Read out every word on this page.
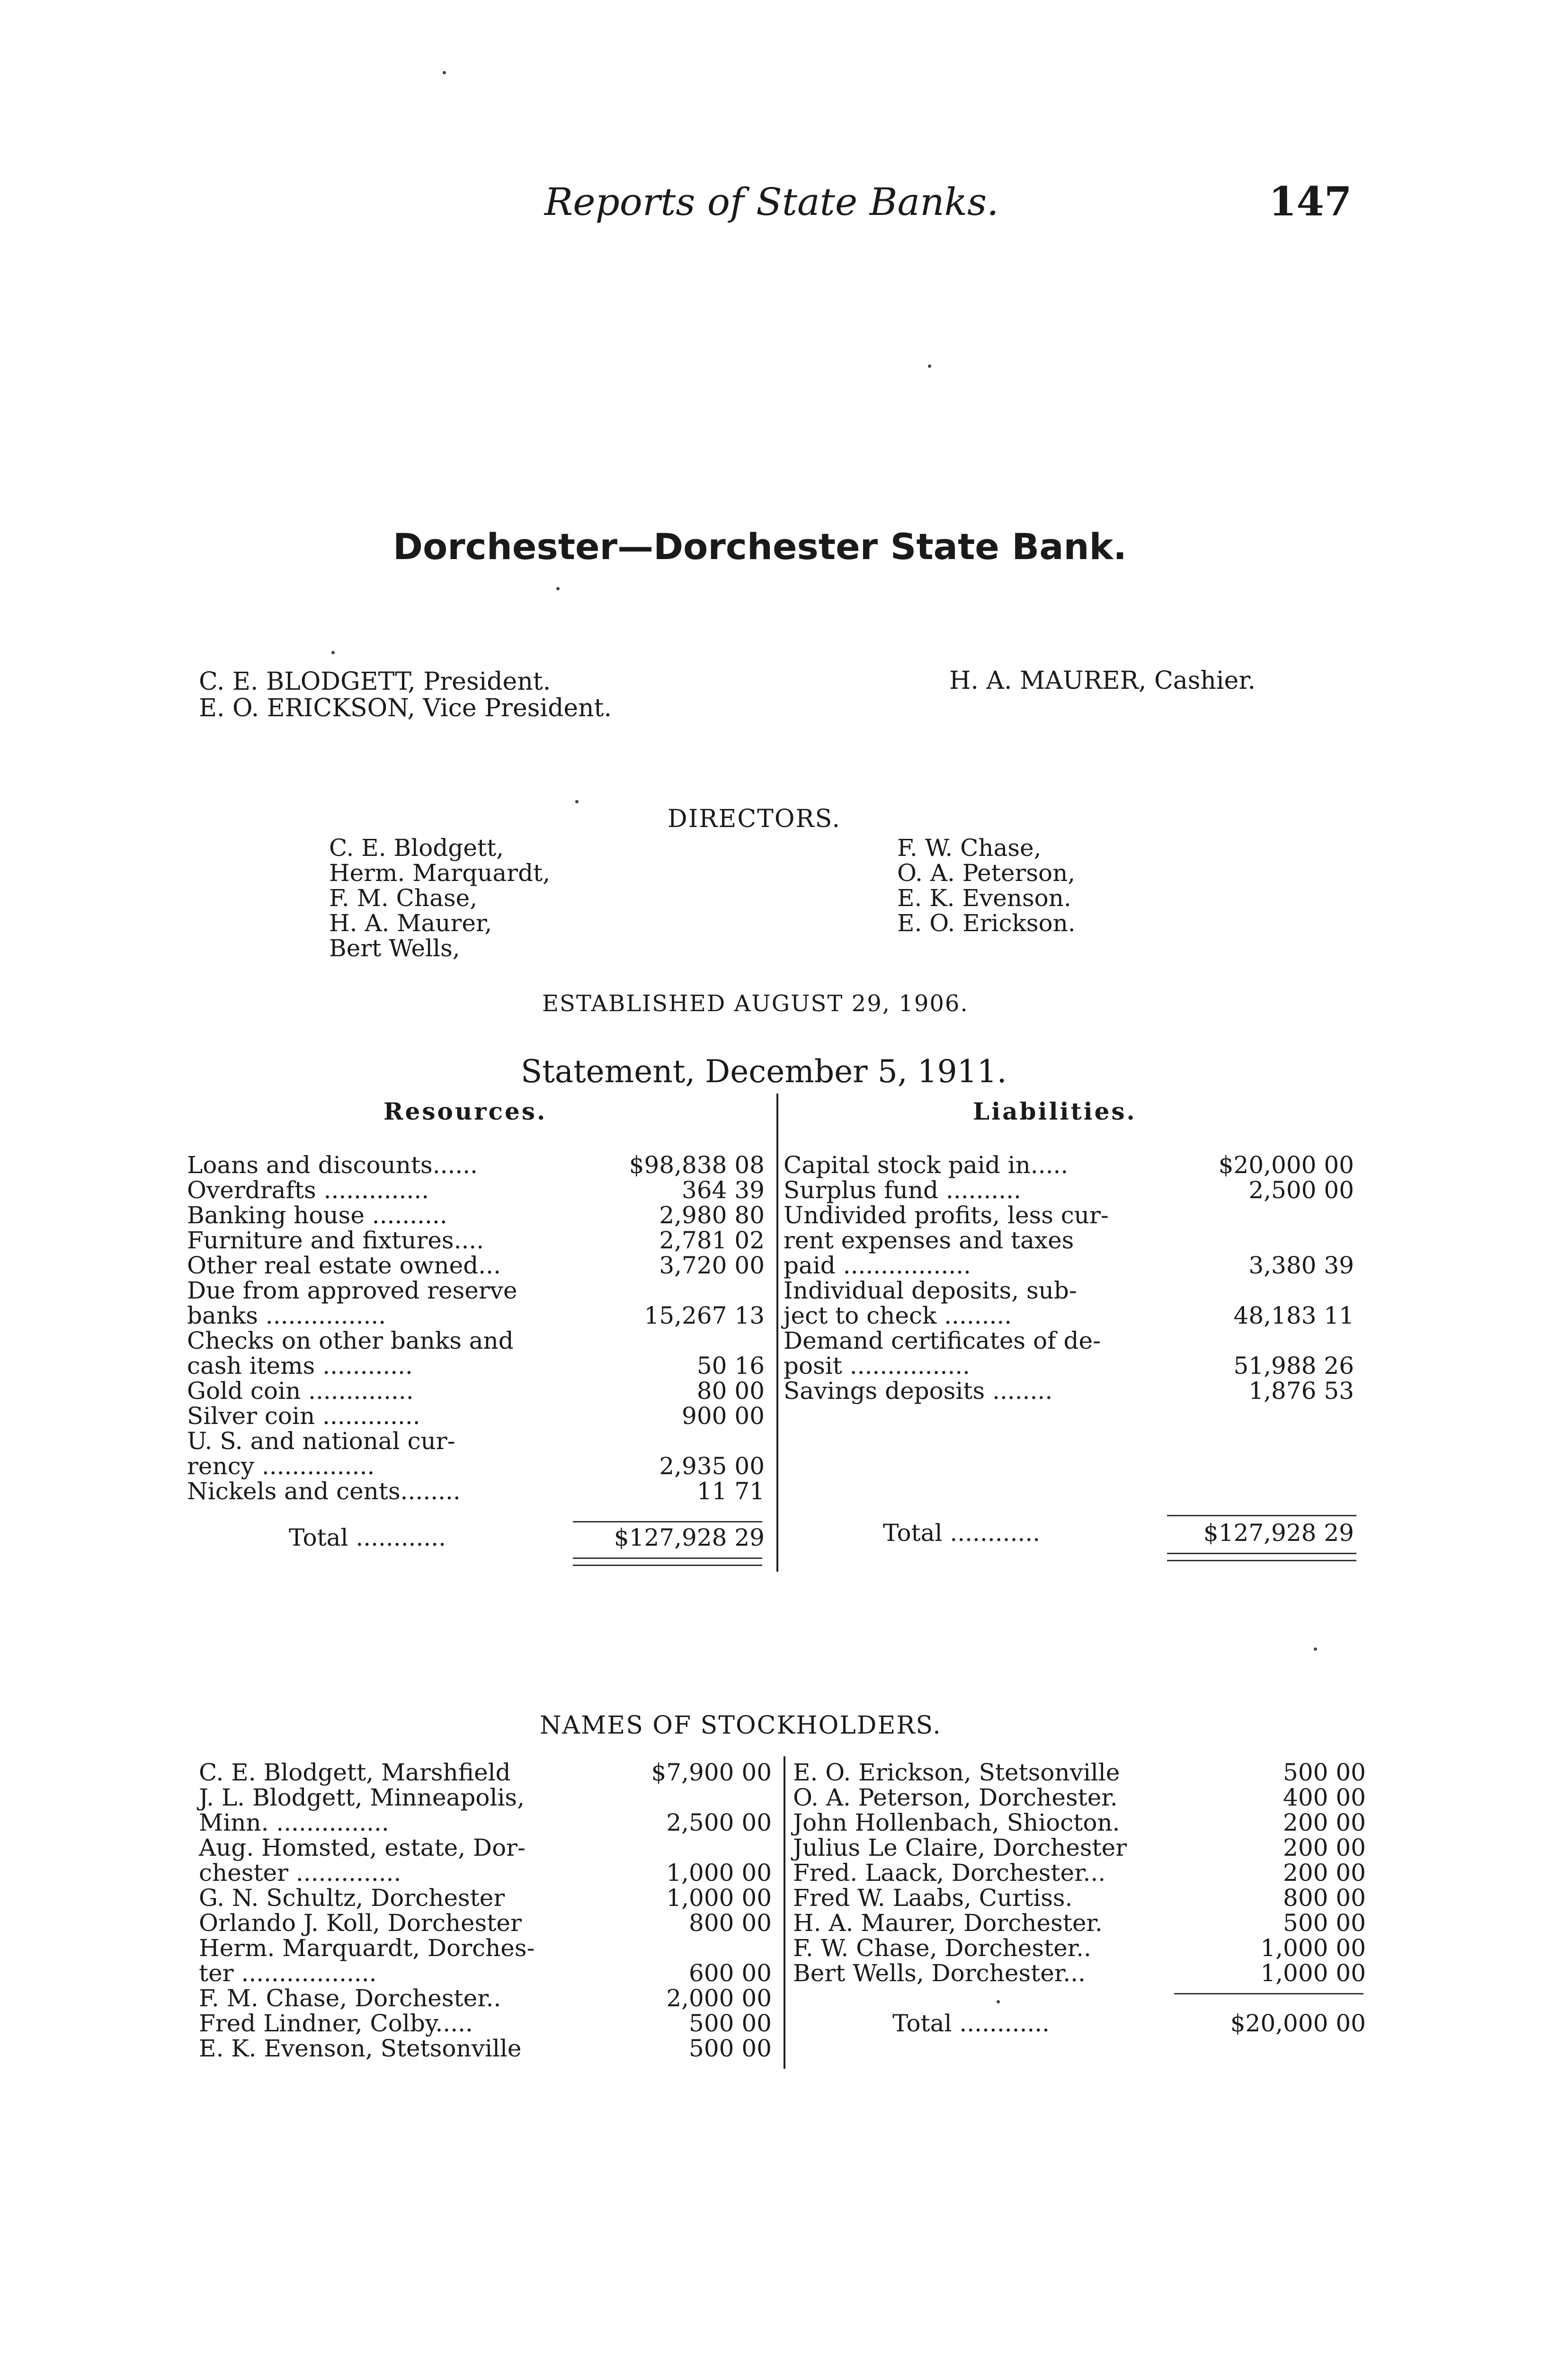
Reports of State Banks.	147
Dorchester—Dorchester State Bank.
C. E. BLODGETT, President.
E. O. ERICKSON, Vice President.
H. A. MAURER, Cashier.
DIRECTORS.
C. E. Blodgett,
Herm. Marquardt,
F. M. Chase,
H. A. Maurer,
Bert Wells,
F. W. Chase,
O. A. Peterson,
E. K. Evenson.
E. O. Erickson.
ESTABLISHED AUGUST 29, 1906.
Statement, December 5, 1911.
Resources.	Liabilities.
Loans and discounts......	$98,838 08
Overdrafts ..............	364 39
Banking house ..........	2,980 80
Furniture and fixtures....	2,781 02
Other real estate owned...	3,720 00
Due from approved reserve
banks ................	15,267 13
Checks on other banks and
cash items ............	50 16
Gold coin ..............	80 00
Silver coin .............	900 00
U. S. and national cur-
rency ...............	2,935 00
Nickels and cents........	11 71
Total ............	$127,928 29
Capital stock paid in.....	$20,000 00
Surplus fund ..........	2,500 00
Undivided profits, less cur-
rent expenses and taxes
paid .................	3,380 39
Individual deposits, sub-
ject to check .........	48,183 11
Demand certificates of de-
posit ................	51,988 26
Savings deposits ........	1,876 53
Total ............	$127,928 29
NAMES OF STOCKHOLDERS.
C. E. Blodgett, Marshfield	$7,900 00
J. L. Blodgett, Minneapolis,
Minn. ...............	2,500 00
Aug. Homsted, estate, Dor-
chester ..............	1,000 00
G. N. Schultz, Dorchester	1,000 00
Orlando J. Koll, Dorchester	800 00
Herm. Marquardt, Dorches-
ter ..................	600 00
F. M. Chase, Dorchester..	2,000 00
Fred Lindner, Colby.....	500 00
E. K. Evenson, Stetsonville	500 00
E. O. Erickson, Stetsonville	500 00
O. A. Peterson, Dorchester.	400 00
John Hollenbach, Shiocton.	200 00
Julius Le Claire, Dorchester	200 00
Fred. Laack, Dorchester...	200 00
Fred W. Laabs, Curtiss.	800 00
H. A. Maurer, Dorchester.	500 00
F. W. Chase, Dorchester..	1,000 00
Bert Wells, Dorchester...	1,000 00
Total ............	$20,000 00
